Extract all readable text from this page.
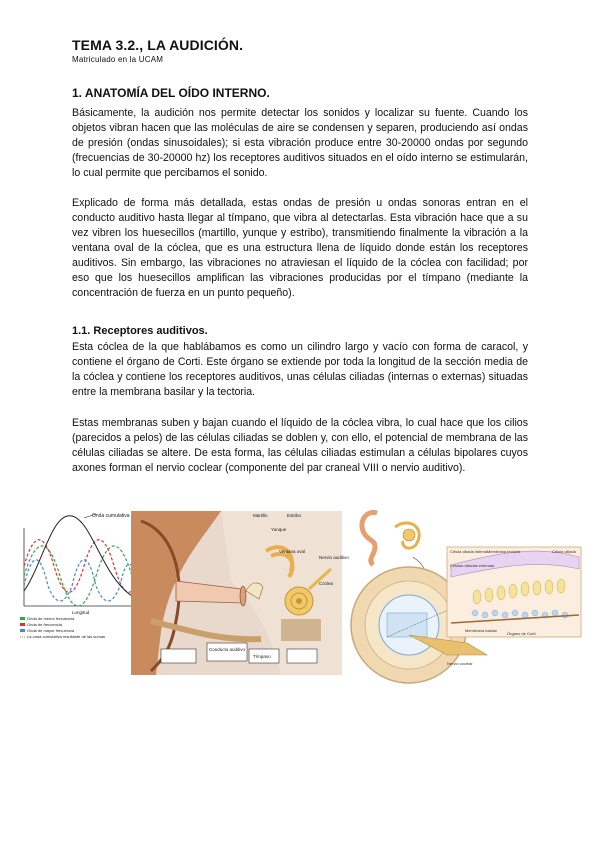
TEMA 3.2., LA AUDICIÓN.
Matriculado en la UCAM
1. ANATOMÍA DEL OÍDO INTERNO.

Básicamente, la audición nos permite detectar los sonidos y localizar su fuente. Cuando los objetos vibran hacen que las moléculas de aire se condensen y separen, produciendo así ondas de presión (ondas sinusoidales); si esta vibración produce entre 30-20000 ondas por segundo (frecuencias de 30-20000 hz) los receptores auditivos situados en el oído interno se estimularán, lo cual permite que percibamos el sonido.

Explicado de forma más detallada, estas ondas de presión u ondas sonoras entran en el conducto auditivo hasta llegar al tímpano, que vibra al detectarlas. Esta vibración hace que a su vez vibren los huesecillos (martillo, yunque y estribo), transmitiendo finalmente la vibración a la ventana oval de la cóclea, que es una estructura llena de líquido donde están los receptores auditivos. Sin embargo, las vibraciones no atraviesan el líquido de la cóclea con facilidad; por eso que los huesecillos amplifican las vibraciones producidas por el tímpano (mediante la concentración de fuerza en un punto pequeño).

1.1. Receptores auditivos.

Esta cóclea de la que hablábamos es como un cilindro largo y vacío con forma de caracol, y contiene el órgano de Corti. Este órgano se extiende por toda la longitud de la sección media de la cóclea y contiene los receptores auditivos, unas células ciliadas (internas o externas) situadas entre la membrana basilar y la tectoria.

Estas membranas suben y bajan cuando el líquido de la cóclea vibra, lo cual hace que los cilios (parecidos a pelos) de las células ciliadas se doblen y, con ello, el potencial de membrana de las células ciliadas se altere. De esta forma, las células ciliadas estimulan a células bipolares cuyos axones forman el nervio coclear (componente del par craneal VIII o nervio auditivo).

Onda cumulativa
Longitud
Onda de menor frecuencia
Onda de frecuencia
Onda de mayor frecuencia
La onda cumulativa resultante de las sumas
Martillo	Estribo
Yunque
Ventana oval
Nervio auditivo
Cóclea
Conducto auditivo
Tímpano
Célula ciliada interna Membrana tectoria
Células ciliadas externas
Célula ciliada
Membrana basilar
Órgano de Corti
Nervio coclear
